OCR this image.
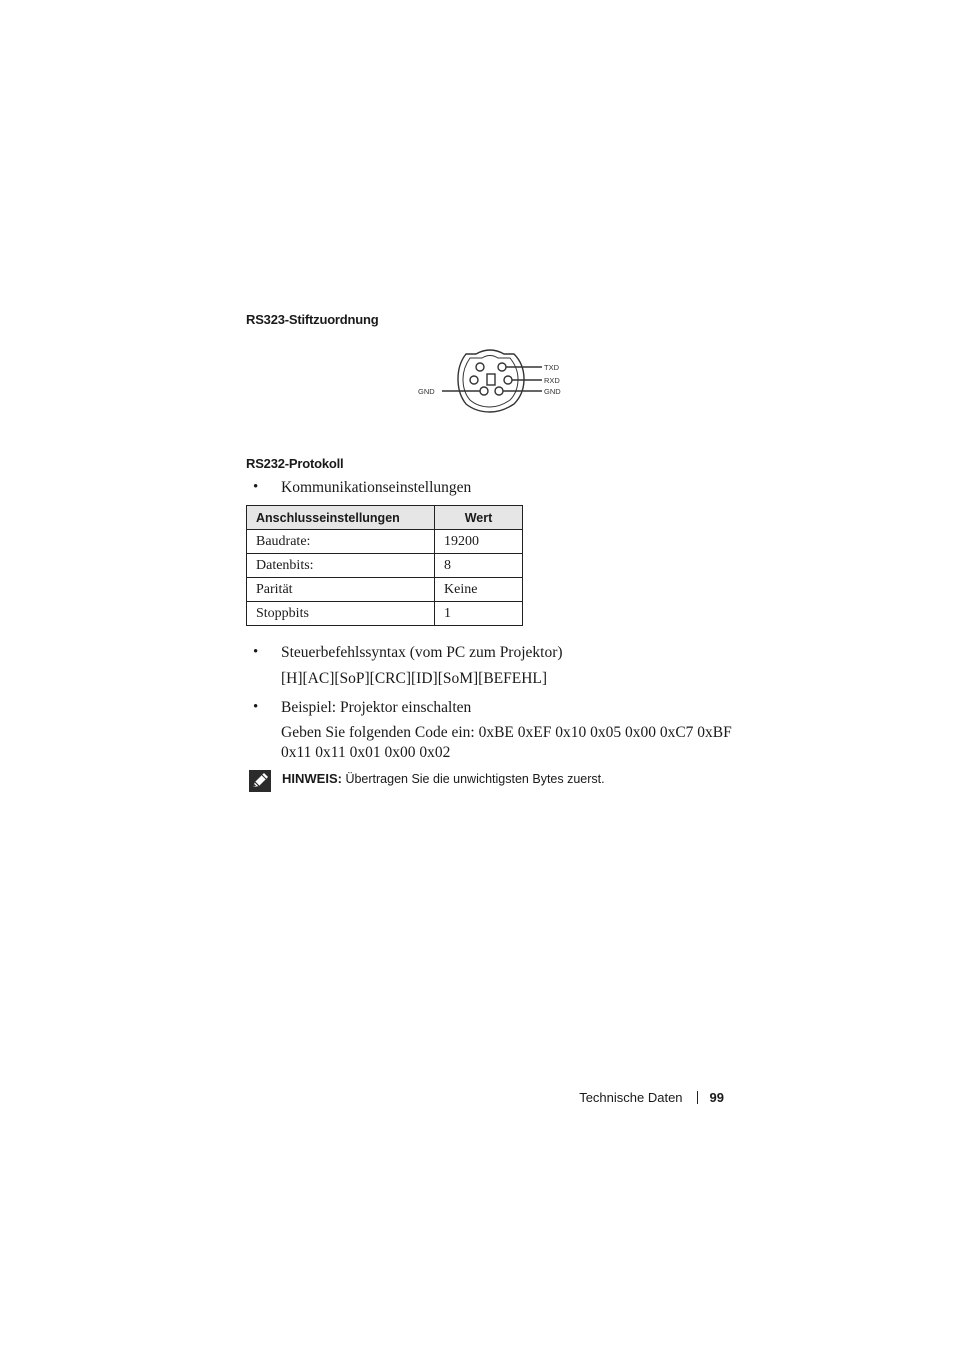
RS323-Stiftzuordnung
GND
TXD
RXD
GND
RS232-Protokoll
• Kommunikationseinstellungen
Anschlusseinstellungen	Wert
Baudrate:	19200
Datenbits:	8
Parität	Keine
Stoppbits	1
• Steuerbefehlssyntax (vom PC zum Projektor)
[H][AC][SoP][CRC][ID][SoM][BEFEHL]
• Beispiel: Projektor einschalten
Geben Sie folgenden Code ein: 0xBE 0xEF 0x10 0x05 0x00 0xC7 0xBF
0x11 0x11 0x01 0x00 0x02
HINWEIS: Übertragen Sie die unwichtigsten Bytes zuerst.
Technische Daten 99
